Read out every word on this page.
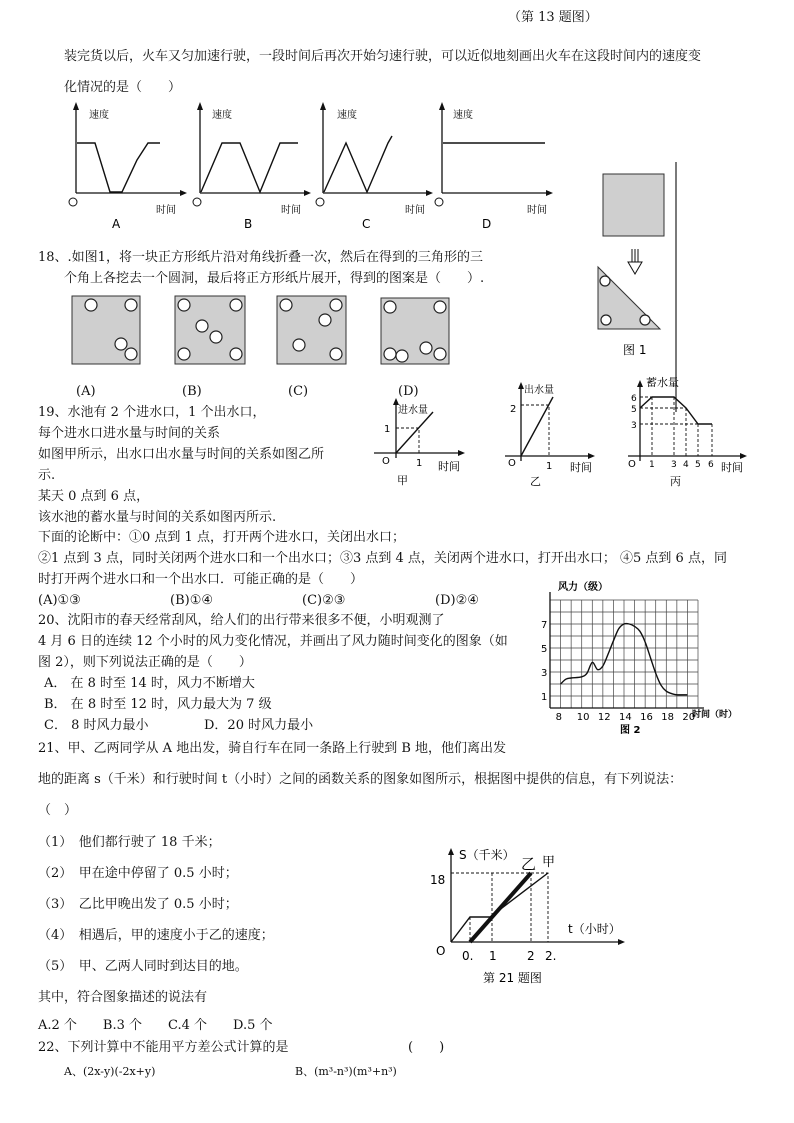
（第 13 题图）
装完货以后，火车又匀加速行驶，一段时间后再次开始匀速行驶，可以近似地刻画出火车在这段时间内的速度变
化情况的是（　　）
速度
时间
A
速度
时间
B
速度
时间
C
速度
时间
D
18、.如图1，将一块正方形纸片沿对角线折叠一次，然后在得到的三角形的三
个角上各挖去一个圆洞，最后将正方形纸片展开，得到的图案是（　　）.
图 1
(A)	(B)	(C)	(D)
19、水池有 2 个进水口，1 个出水口，
每个进水口进水量与时间的关系
如图甲所示，出水口出水量与时间的关系如图乙所
示.
某天 0 点到 6 点，
该水池的蓄水量与时间的关系如图丙所示.
下面的论断中：①0 点到 1 点，打开两个进水口，关闭出水口；
②1 点到 3 点，同时关闭两个进水口和一个出水口；③3 点到 4 点，关闭两个进水口，打开出水口； ④5 点到 6 点，同
时打开两个进水口和一个出水口．可能正确的是（　　）
(A)①③	(B)①④	(C)②③	(D)②④
进水量
1
O	1 时间
甲
出水量
2
O	1 时间
乙
蓄水量
6
5
3
O 1 3 4 5 6 时间
丙
20、沈阳市的春天经常刮风，给人们的出行带来很多不便，小明观测了
4 月 6 日的连续 12 个小时的风力变化情况，并画出了风力随时间变化的图象（如
图 2），则下列说法正确的是（　　）
A． 在 8 时至 14 时，风力不断增大
B． 在 8 时至 12 时，风力最大为 7 级
C． 8 时风力最小	D．20 时风力最小
8 10 12 14 16 18 20
1
3
5
7
风力（级）
时间（时）
图 2
21、甲、乙两同学从 A 地出发，骑自行车在同一条路上行驶到 B 地，他们离出发
地的距离 s（千米）和行驶时间 t（小时）之间的函数关系的图象如图所示，根据图中提供的信息，有下列说法：
（　）
（1）　他们都行驶了 18 千米；
（2）　甲在途中停留了 0.5 小时；
（3）　乙比甲晚出发了 0.5 小时；
（4）　相遇后，甲的速度小于乙的速度；
（5）　甲、乙两人同时到达目的地。
其中，符合图象描述的说法有
A.2 个　　B.3 个　　C.4 个　　D.5 个
S（千米） 乙 甲
18
t（小时）
O 0. 1	2 2.
第 21 题图
22、下列计算中不能用平方差公式计算的是	(　　)
A、(2x-y)(-2x+y)	B、(m³-n³)(m³+n³)
